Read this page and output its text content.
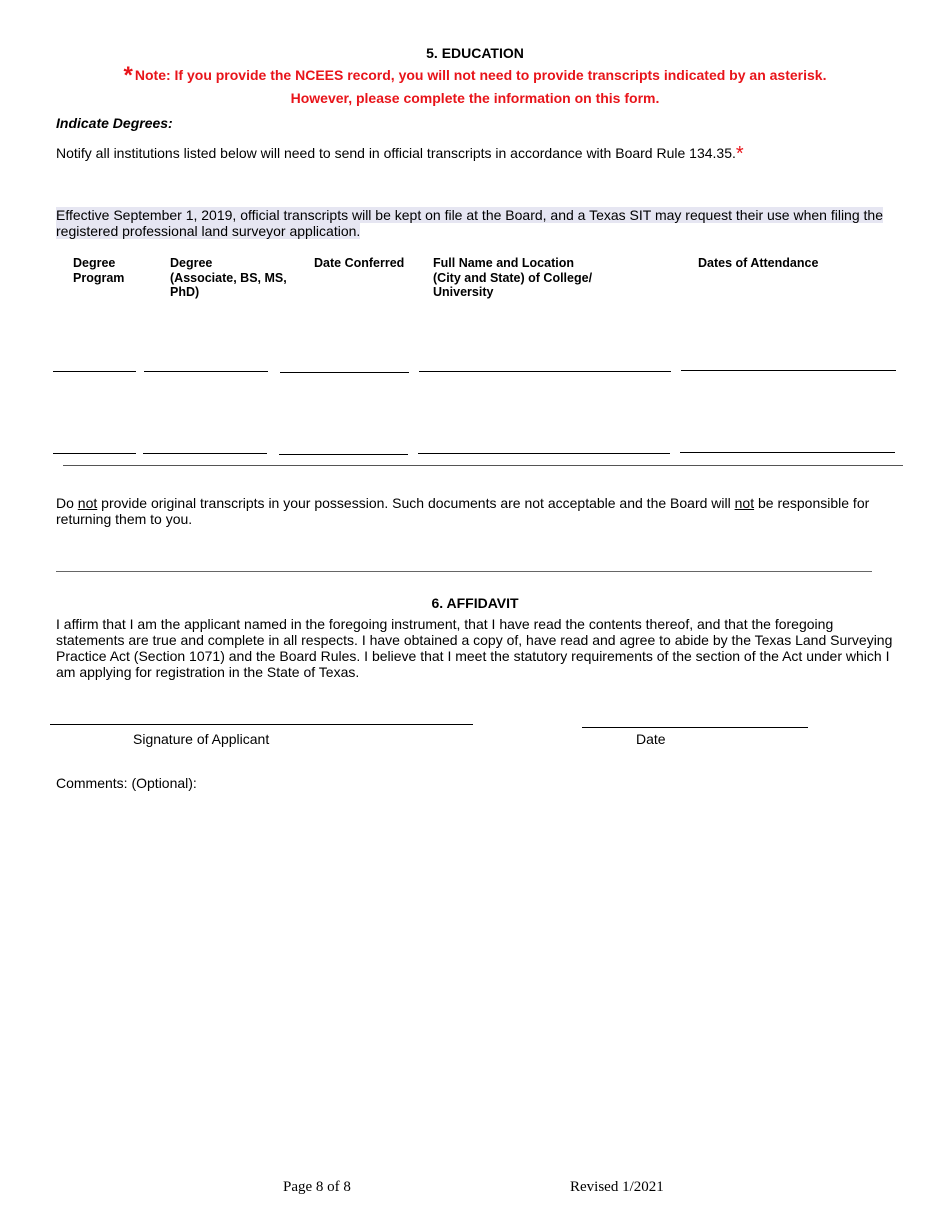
5. EDUCATION
* Note: If you provide the NCEES record, you will not need to provide transcripts indicated by an asterisk.
However, please complete the information on this form.
Indicate Degrees:
Notify all institutions listed below will need to send in official transcripts in accordance with Board Rule 134.35.*
Effective September 1, 2019, official transcripts will be kept on file at the Board, and a Texas SIT may request their use when filing the registered professional land surveyor application.
Degree
Program
Degree
(Associate, BS, MS,
PhD)
Date Conferred Full Name and Location
(City and State) of College/
University
Dates of Attendance
Do not provide original transcripts in your possession. Such documents are not acceptable and the Board will not be responsible for returning them to you.
6. AFFIDAVIT
I affirm that I am the applicant named in the foregoing instrument, that I have read the contents thereof, and that the foregoing statements are true and complete in all respects. I have obtained a copy of, have read and agree to abide by the Texas Land Surveying Practice Act (Section 1071) and the Board Rules. I believe that I meet the statutory requirements of the section of the Act under which I am applying for registration in the State of Texas.
Signature of Applicant	Date
Comments: (Optional):
Page 8 of 8	Revised 1/2021
